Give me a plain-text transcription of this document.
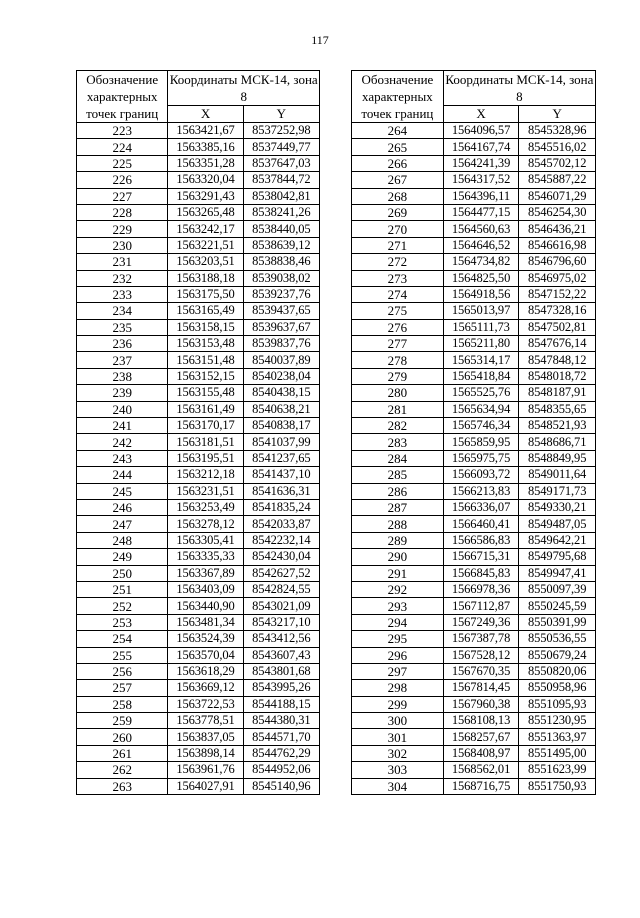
117
Обозначение характерных точек границ	Координаты МСК-14, зона 8	
	X	Y
223	1563421,67	8537252,98
224	1563385,16	8537449,77
225	1563351,28	8537647,03
226	1563320,04	8537844,72
227	1563291,43	8538042,81
228	1563265,48	8538241,26
229	1563242,17	8538440,05
230	1563221,51	8538639,12
231	1563203,51	8538838,46
232	1563188,18	8539038,02
233	1563175,50	8539237,76
234	1563165,49	8539437,65
235	1563158,15	8539637,67
236	1563153,48	8539837,76
237	1563151,48	8540037,89
238	1563152,15	8540238,04
239	1563155,48	8540438,15
240	1563161,49	8540638,21
241	1563170,17	8540838,17
242	1563181,51	8541037,99
243	1563195,51	8541237,65
244	1563212,18	8541437,10
245	1563231,51	8541636,31
246	1563253,49	8541835,24
247	1563278,12	8542033,87
248	1563305,41	8542232,14
249	1563335,33	8542430,04
250	1563367,89	8542627,52
251	1563403,09	8542824,55
252	1563440,90	8543021,09
253	1563481,34	8543217,10
254	1563524,39	8543412,56
255	1563570,04	8543607,43
256	1563618,29	8543801,68
257	1563669,12	8543995,26
258	1563722,53	8544188,15
259	1563778,51	8544380,31
260	1563837,05	8544571,70
261	1563898,14	8544762,29
262	1563961,76	8544952,06
263	1564027,91	8545140,96
Обозначение характерных точек границ	Координаты МСК-14, зона 8	
	X	Y
264	1564096,57	8545328,96
265	1564167,74	8545516,02
266	1564241,39	8545702,12
267	1564317,52	8545887,22
268	1564396,11	8546071,29
269	1564477,15	8546254,30
270	1564560,63	8546436,21
271	1564646,52	8546616,98
272	1564734,82	8546796,60
273	1564825,50	8546975,02
274	1564918,56	8547152,22
275	1565013,97	8547328,16
276	1565111,73	8547502,81
277	1565211,80	8547676,14
278	1565314,17	8547848,12
279	1565418,84	8548018,72
280	1565525,76	8548187,91
281	1565634,94	8548355,65
282	1565746,34	8548521,93
283	1565859,95	8548686,71
284	1565975,75	8548849,95
285	1566093,72	8549011,64
286	1566213,83	8549171,73
287	1566336,07	8549330,21
288	1566460,41	8549487,05
289	1566586,83	8549642,21
290	1566715,31	8549795,68
291	1566845,83	8549947,41
292	1566978,36	8550097,39
293	1567112,87	8550245,59
294	1567249,36	8550391,99
295	1567387,78	8550536,55
296	1567528,12	8550679,24
297	1567670,35	8550820,06
298	1567814,45	8550958,96
299	1567960,38	8551095,93
300	1568108,13	8551230,95
301	1568257,67	8551363,97
302	1568408,97	8551495,00
303	1568562,01	8551623,99
304	1568716,75	8551750,93
